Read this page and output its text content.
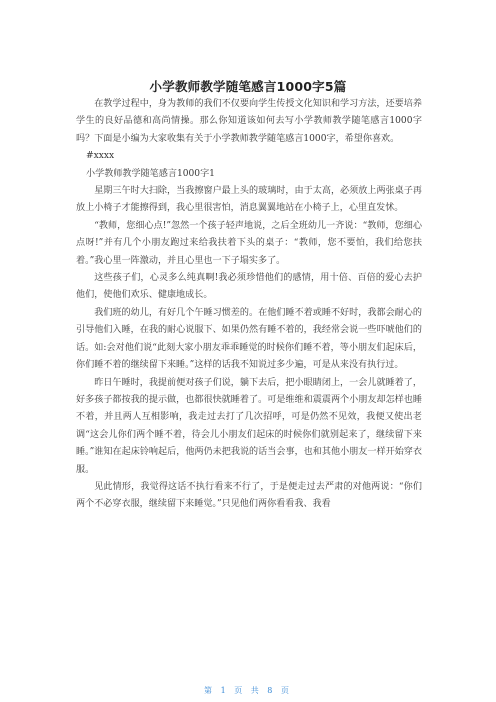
小学教师教学随笔感言1000字5篇

在教学过程中，身为教师的我们不仅要向学生传授文化知识和学习方法，还要培养学生的良好品德和高尚情操。那么你知道该如何去写小学教师教学随笔感言1000字吗？下面是小编为大家收集有关于小学教师教学随笔感言1000字，希望你喜欢。

#xxxx

小学教师教学随笔感言1000字1

星期三午时大扫除，当我擦窗户最上头的玻璃时，由于太高，必须放上两张桌子再放上小椅子才能擦得到，我心里很害怕，消息翼翼地站在小椅子上，心里直发怵。

“教师，您细心点!”忽然一个孩子轻声地说，之后全班幼儿一齐说：“教师，您细心点呀!”并有几个小朋友跑过来给我扶着下头的桌子：“教师，您不要怕，我们给您扶着。”我心里一阵激动，并且心里也一下子塌实多了。

这些孩子们，心灵多么纯真啊!我必须珍惜他们的感情，用十倍、百倍的爱心去护他们，使他们欢乐、健康地成长。

我们班的幼儿，有好几个午睡习惯差的。在他们睡不着或睡不好时，我都会耐心的引导他们入睡，在我的耐心说服下、如果仍然有睡不着的，我经常会说一些吓唬他们的话。如:会对他们说“此刻大家小朋友乖乖睡觉的时候你们睡不着，等小朋友们起床后，你们睡不着的继续留下来睡。”这样的话我不知说过多少遍，可是从来没有执行过。

昨日午睡时，我提前便对孩子们说，躺下去后，把小眼睛闭上，一会儿就睡着了，好多孩子都按我的提示做，也都很快就睡着了。可是维维和震震两个小朋友却怎样也睡不着，并且两人互相影响，我走过去打了几次招呼，可是仍然不见效，我便又使出老调“这会儿你们两个睡不着，待会儿小朋友们起床的时候你们就别起来了，继续留下来睡。”谁知在起床铃响起后，他两仍未把我说的话当会事，也和其他小朋友一样开始穿衣服。

见此情形，我觉得这话不执行看来不行了，于是便走过去严肃的对他两说：“你们两个不必穿衣服，继续留下来睡觉。”只见他们两你看看我、我看

第 1 页 共 8 页
